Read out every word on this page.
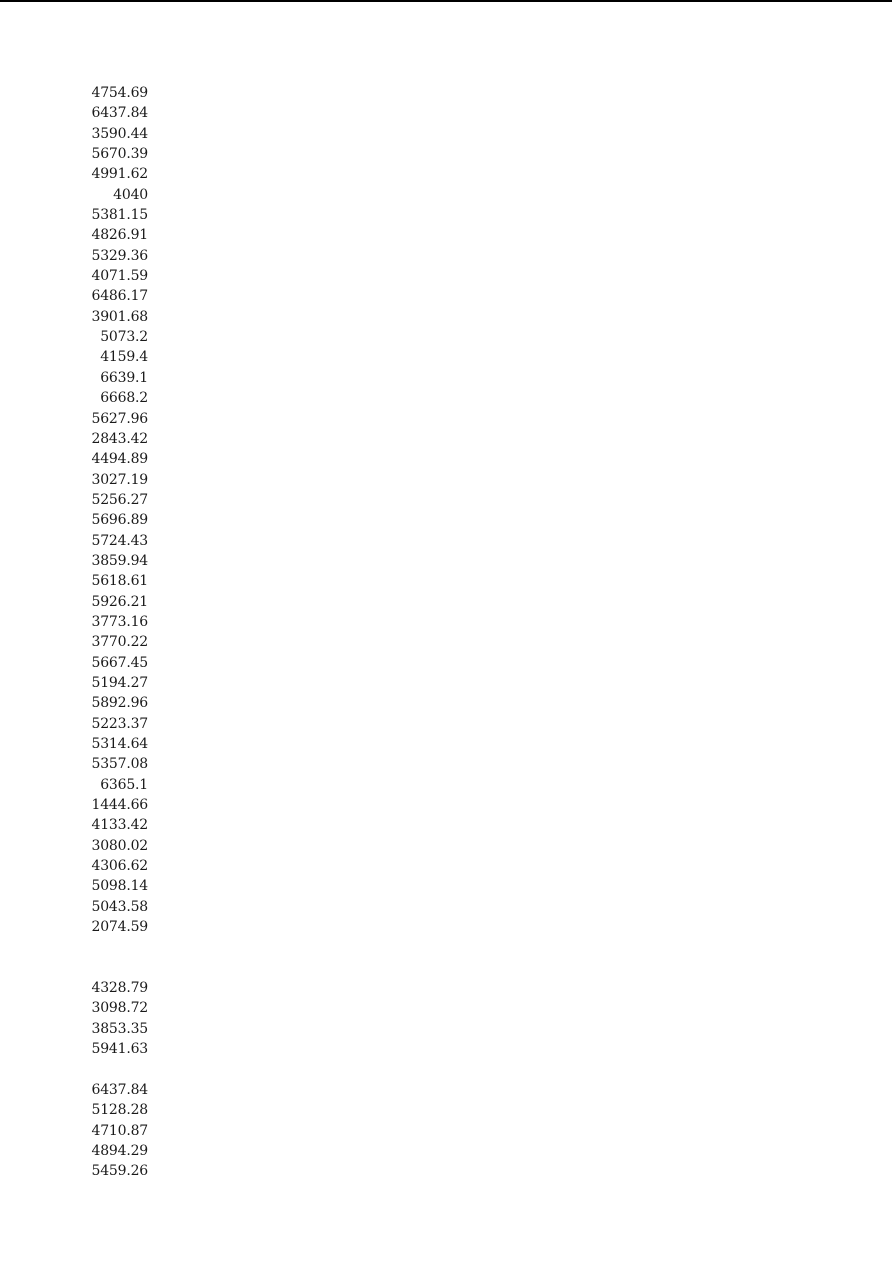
4754.69
6437.84
3590.44
5670.39
4991.62
4040
5381.15
4826.91
5329.36
4071.59
6486.17
3901.68
5073.2
4159.4
6639.1
6668.2
5627.96
2843.42
4494.89
3027.19
5256.27
5696.89
5724.43
3859.94
5618.61
5926.21
3773.16
3770.22
5667.45
5194.27
5892.96
5223.37
5314.64
5357.08
6365.1
1444.66
4133.42
3080.02
4306.62
5098.14
5043.58
2074.59
4328.79
3098.72
3853.35
5941.63
6437.84
5128.28
4710.87
4894.29
5459.26
